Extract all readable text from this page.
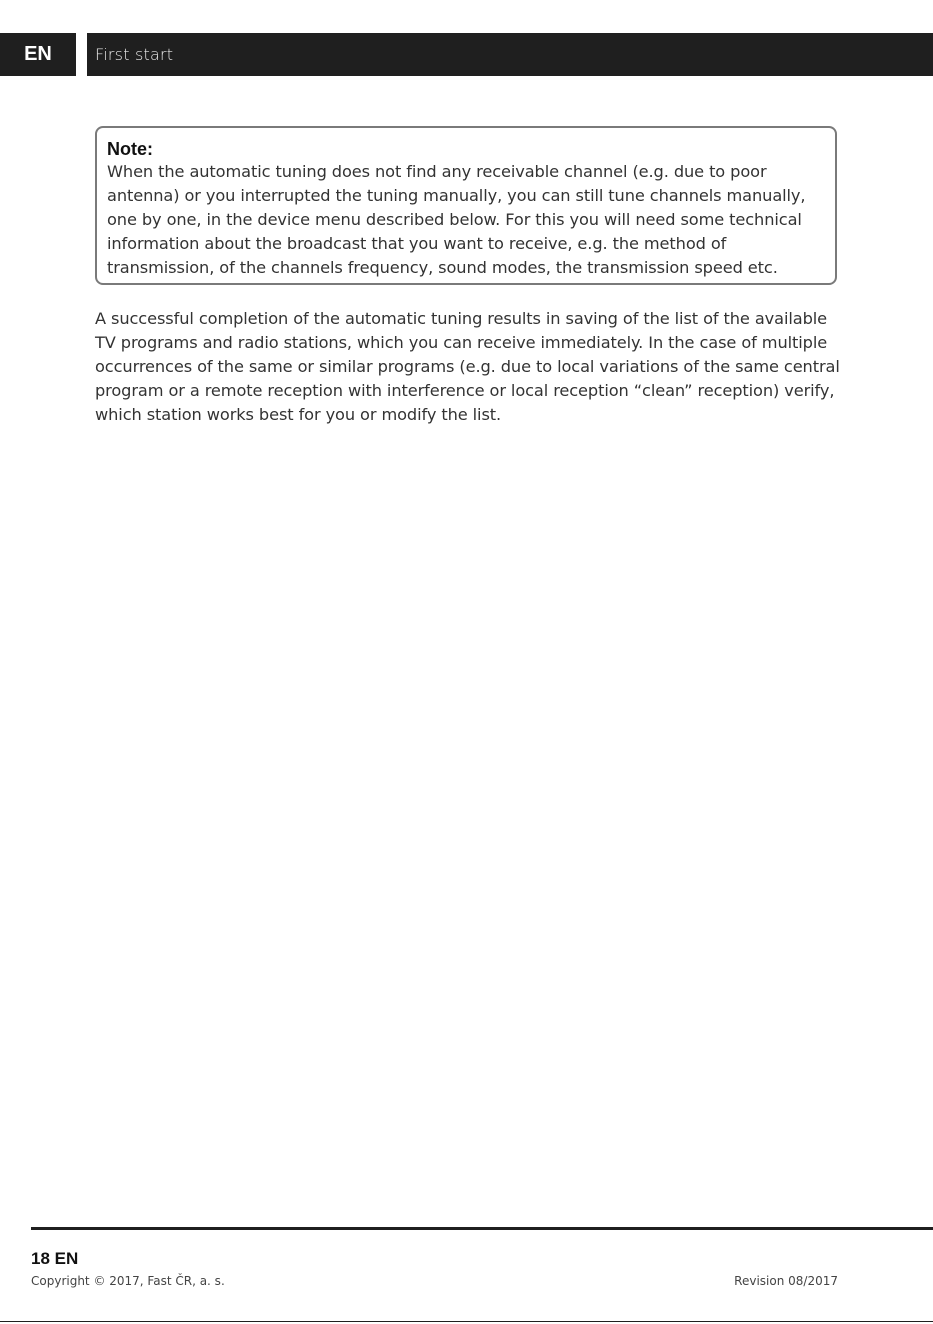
EN	First start

Note:

When the automatic tuning does not find any receivable channel (e.g. due to poor antenna) or you interrupted the tuning manually, you can still tune channels manually, one by one, in the device menu described below. For this you will need some technical information about the broadcast that you want to receive, e.g. the method of transmission, of the channels frequency, sound modes, the transmission speed etc.

A successful completion of the automatic tuning results in saving of the list of the available TV programs and radio stations, which you can receive immediately. In the case of multiple occurrences of the same or similar programs (e.g. due to local variations of the same central program or a remote reception with interference or local reception “clean” reception) verify, which station works best for you or modify the list.

18 EN

Copyright © 2017, Fast ČR, a. s.	Revision 08/2017
